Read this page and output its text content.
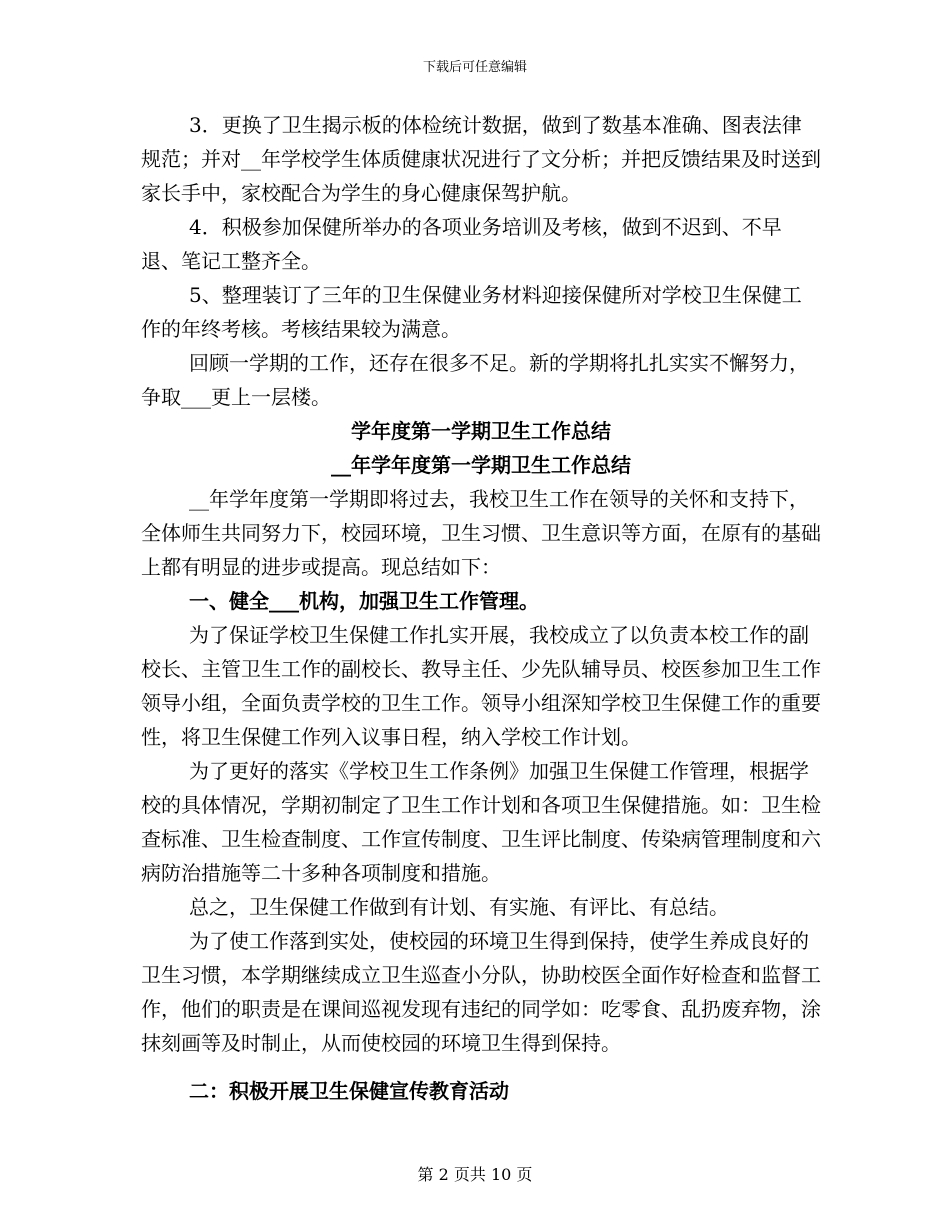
下载后可任意编辑

3．更换了卫生揭示板的体检统计数据，做到了数基本准确、图表法律规范；并对__年学校学生体质健康状况进行了文分析；并把反馈结果及时送到家长手中，家校配合为学生的身心健康保驾护航。

4．积极参加保健所举办的各项业务培训及考核，做到不迟到、不早退、笔记工整齐全。

5、整理装订了三年的卫生保健业务材料迎接保健所对学校卫生保健工作的年终考核。考核结果较为满意。

回顾一学期的工作，还存在很多不足。新的学期将扎扎实实不懈努力，争取___更上一层楼。

学年度第一学期卫生工作总结

__年学年度第一学期卫生工作总结

__年学年度第一学期即将过去，我校卫生工作在领导的关怀和支持下，全体师生共同努力下，校园环境，卫生习惯、卫生意识等方面，在原有的基础上都有明显的进步或提高。现总结如下：

一、健全___机构，加强卫生工作管理。

为了保证学校卫生保健工作扎实开展，我校成立了以负责本校工作的副校长、主管卫生工作的副校长、教导主任、少先队辅导员、校医参加卫生工作领导小组，全面负责学校的卫生工作。领导小组深知学校卫生保健工作的重要性，将卫生保健工作列入议事日程，纳入学校工作计划。

为了更好的落实《学校卫生工作条例》加强卫生保健工作管理，根据学校的具体情况，学期初制定了卫生工作计划和各项卫生保健措施。如：卫生检查标准、卫生检查制度、工作宣传制度、卫生评比制度、传染病管理制度和六病防治措施等二十多种各项制度和措施。

总之，卫生保健工作做到有计划、有实施、有评比、有总结。

为了使工作落到实处，使校园的环境卫生得到保持，使学生养成良好的卫生习惯，本学期继续成立卫生巡查小分队，协助校医全面作好检查和监督工作，他们的职责是在课间巡视发现有违纪的同学如：吃零食、乱扔废弃物，涂抹刻画等及时制止，从而使校园的环境卫生得到保持。

二：积极开展卫生保健宣传教育活动

第 2 页共 10 页
